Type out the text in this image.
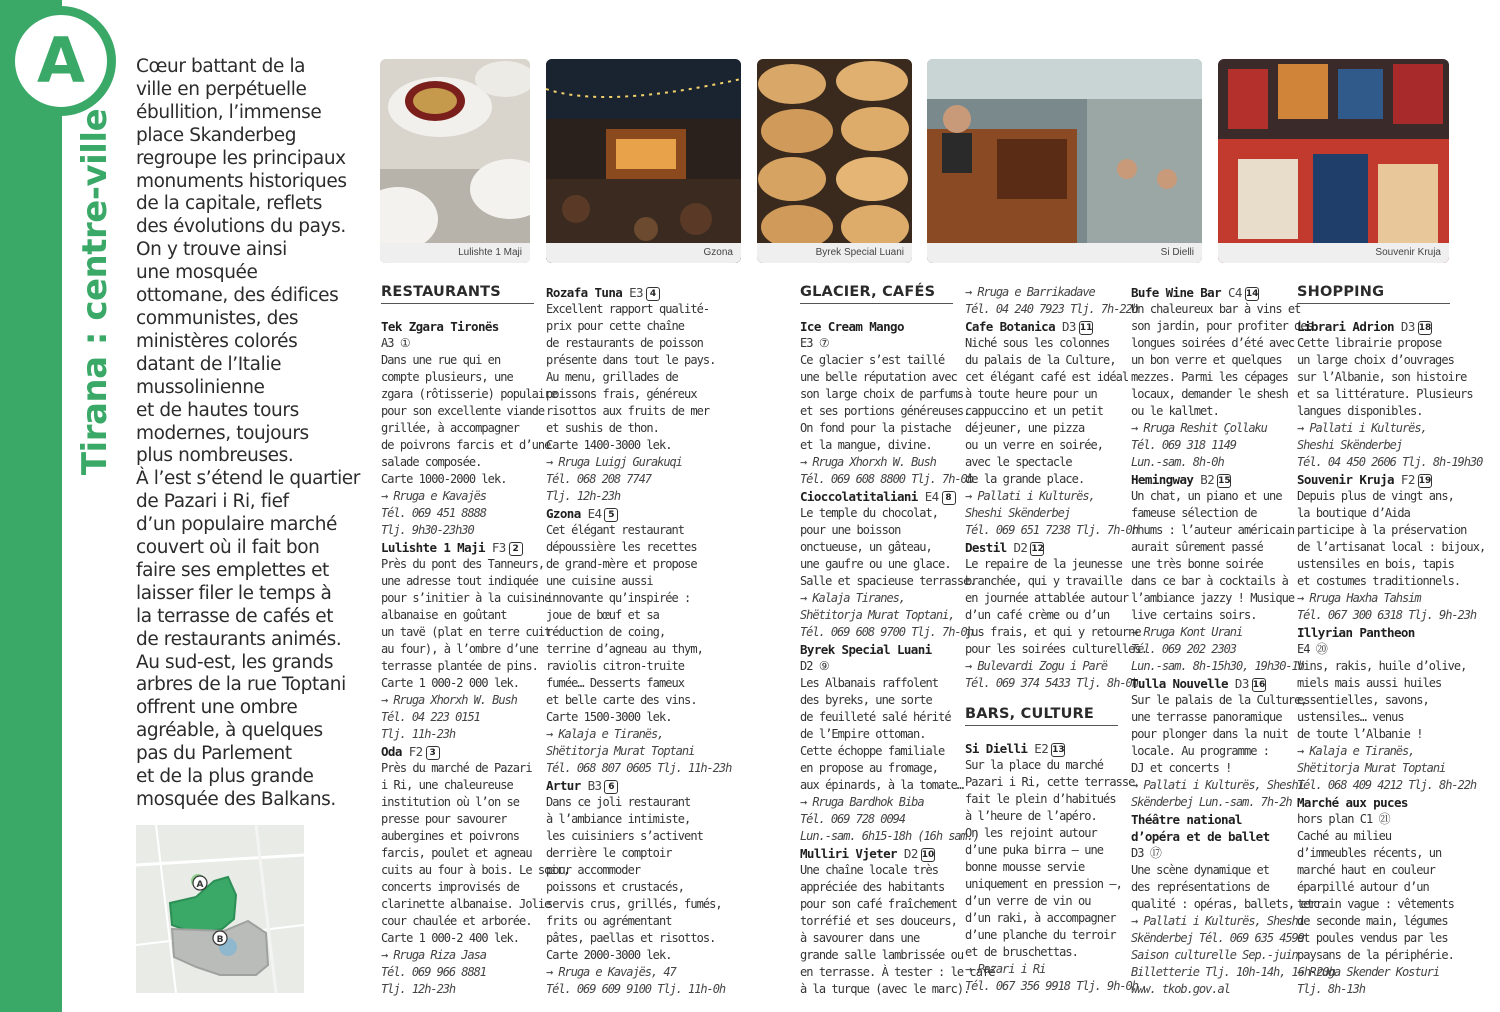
A
Tirana : centre-ville
Cœur battant de la
ville en perpétuelle
ébullition, l’immense
place Skanderbeg
regroupe les principaux
monuments historiques
de la capitale, reflets
des évolutions du pays.
On y trouve ainsi
une mosquée
ottomane, des édifices
communistes, des
ministères colorés
datant de l’Italie
mussolinienne
et de hautes tours
modernes, toujours
plus nombreuses.
À l’est s’étend le quartier
de Pazari i Ri, fief
d’un populaire marché
couvert où il fait bon
faire ses emplettes et
laisser filer le temps à
la terrasse de cafés et
de restaurants animés.
Au sud-est, les grands
arbres de la rue Toptani
offrent une ombre
agréable, à quelques
pas du Parlement
et de la plus grande
mosquée des Balkans.
A
B
Lulishte 1 Maji	Gzona	Byrek Special Luani	Si Dielli	Souvenir Kruja
RESTAURANTS
Tek Zgara Tironës
A3 ①
Dans une rue qui en
compte plusieurs, une
zgara (rôtisserie) populaire
pour son excellente viande
grillée, à accompagner
de poivrons farcis et d’une
salade composée.
Carte 1000-2000 lek.
→ Rruga e Kavajës
Tél. 069 451 8888
Tlj. 9h30-23h30
Lulishte 1 Maji F3 2
Près du pont des Tanneurs,
une adresse tout indiquée
pour s’initier à la cuisine
albanaise en goûtant
un tavë (plat en terre cuit
au four), à l’ombre d’une
terrasse plantée de pins.
Carte 1 000-2 000 lek.
→ Rruga Xhorxh W. Bush
Tél. 04 223 0151
Tlj. 11h-23h
Oda F2 3
Près du marché de Pazari
i Ri, une chaleureuse
institution où l’on se
presse pour savourer
aubergines et poivrons
farcis, poulet et agneau
cuits au four à bois. Le soir,
concerts improvisés de
clarinette albanaise. Jolie
cour chaulée et arborée.
Carte 1 000-2 400 lek.
→ Rruga Riza Jasa
Tél. 069 966 8881
Tlj. 12h-23h
Rozafa Tuna E3 4
Excellent rapport qualité-
prix pour cette chaîne
de restaurants de poisson
présente dans tout le pays.
Au menu, grillades de
poissons frais, généreux
risottos aux fruits de mer
et sushis de thon.
Carte 1400-3000 lek.
→ Rruga Luigj Gurakuqi
Tél. 068 208 7747
Tlj. 12h-23h
Gzona E4 5
Cet élégant restaurant
dépoussière les recettes
de grand-mère et propose
une cuisine aussi
innovante qu’inspirée :
joue de bœuf et sa
réduction de coing,
terrine d’agneau au thym,
raviolis citron-truite
fumée… Desserts fameux
et belle carte des vins.
Carte 1500-3000 lek.
→ Kalaja e Tiranës,
Shëtitorja Murat Toptani
Tél. 068 807 0605 Tlj. 11h-23h
Artur B3 6
Dans ce joli restaurant
à l’ambiance intimiste,
les cuisiniers s’activent
derrière le comptoir
pour accommoder
poissons et crustacés,
servis crus, grillés, fumés,
frits ou agrémentant
pâtes, paellas et risottos.
Carte 2000-3000 lek.
→ Rruga e Kavajës, 47
Tél. 069 609 9100 Tlj. 11h-0h
GLACIER, CAFÉS
Ice Cream Mango
E3 ⑦
Ce glacier s’est taillé
une belle réputation avec
son large choix de parfums
et ses portions généreuses.
On fond pour la pistache
et la mangue, divine.
→ Rruga Xhorxh W. Bush
Tél. 069 608 8800 Tlj. 7h-0h
Cioccolatitaliani E4 8
Le temple du chocolat,
pour une boisson
onctueuse, un gâteau,
une gaufre ou une glace.
Salle et spacieuse terrasse.
→ Kalaja Tiranes,
Shëtitorja Murat Toptani,
Tél. 069 608 9700 Tlj. 7h-0h
Byrek Special Luani
D2 ⑨
Les Albanais raffolent
des byreks, une sorte
de feuilleté salé hérité
de l’Empire ottoman.
Cette échoppe familiale
en propose au fromage,
aux épinards, à la tomate…
→ Rruga Bardhok Biba
Tél. 069 728 0094
Lun.-sam. 6h15-18h (16h sam.)
Mulliri Vjeter D2 10
Une chaîne locale très
appréciée des habitants
pour son café fraîchement
torréfié et ses douceurs,
à savourer dans une
grande salle lambrissée ou
en terrasse. À tester : le café
à la turque (avec le marc).
→ Rruga e Barrikadave
Tél. 04 240 7923 Tlj. 7h-22h
Cafe Botanica D3 11
Niché sous les colonnes
du palais de la Culture,
cet élégant café est idéal
à toute heure pour un
cappuccino et un petit
déjeuner, une pizza
ou un verre en soirée,
avec le spectacle
de la grande place.
→ Pallati i Kulturës,
Sheshi Skënderbej
Tél. 069 651 7238 Tlj. 7h-0h
Destil D2 12
Le repaire de la jeunesse
branchée, qui y travaille
en journée attablée autour
d’un café crème ou d’un
jus frais, et qui y retourne
pour les soirées culturelles.
→ Bulevardi Zogu i Parë
Tél. 069 374 5433 Tlj. 8h-0h
BARS, CULTURE
Si Dielli E2 13
Sur la place du marché
Pazari i Ri, cette terrasse
fait le plein d’habitués
à l’heure de l’apéro.
On les rejoint autour
d’une puka birra – une
bonne mousse servie
uniquement en pression –,
d’un verre de vin ou
d’un raki, à accompagner
d’une planche du terroir
et de bruschettas.
→ Pazari i Ri
Tél. 067 356 9918 Tlj. 9h-0h
Bufe Wine Bar C4 14
Un chaleureux bar à vins et
son jardin, pour profiter des
longues soirées d’été avec
un bon verre et quelques
mezzes. Parmi les cépages
locaux, demander le shesh
ou le kallmet.
→ Rruga Reshit Çollaku
Tél. 069 318 1149
Lun.-sam. 8h-0h
Hemingway B2 15
Un chat, un piano et une
fameuse sélection de
rhums : l’auteur américain
aurait sûrement passé
une très bonne soirée
dans ce bar à cocktails à
l’ambiance jazzy ! Musique
live certains soirs.
→ Rruga Kont Urani
Tél. 069 202 2303
Lun.-sam. 8h-15h30, 19h30-1h
Tulla Nouvelle D3 16
Sur le palais de la Culture,
une terrasse panoramique
pour plonger dans la nuit
locale. Au programme :
DJ et concerts !
→ Pallati i Kulturës, Sheshi
Skënderbej Lun.-sam. 7h-2h
Théâtre national
d’opéra et de ballet
D3 ⑰
Une scène dynamique et
des représentations de
qualité : opéras, ballets, etc.
→ Pallati i Kulturës, Sheshi
Skënderbej Tél. 069 635 4599
Saison culturelle Sep.-juin
Billetterie Tlj. 10h-14h, 16h-20h
www. tkob.gov.al
SHOPPING
Librari Adrion D3 18
Cette librairie propose
un large choix d’ouvrages
sur l’Albanie, son histoire
et sa littérature. Plusieurs
langues disponibles.
→ Pallati i Kulturës,
Sheshi Skënderbej
Tél. 04 450 2606 Tlj. 8h-19h30
Souvenir Kruja F2 19
Depuis plus de vingt ans,
la boutique d’Aida
participe à la préservation
de l’artisanat local : bijoux,
ustensiles en bois, tapis
et costumes traditionnels.
→ Rruga Haxha Tahsim
Tél. 067 300 6318 Tlj. 9h-23h
Illyrian Pantheon
E4 ⑳
Vins, rakis, huile d’olive,
miels mais aussi huiles
essentielles, savons,
ustensiles… venus
de toute l’Albanie !
→ Kalaja e Tiranës,
Shëtitorja Murat Toptani
Tél. 068 409 4212 Tlj. 8h-22h
Marché aux puces
hors plan C1 ㉑
Caché au milieu
d’immeubles récents, un
marché haut en couleur
éparpillé autour d’un
terrain vague : vêtements
de seconde main, légumes
et poules vendus par les
paysans de la périphérie.
→ Rruga Skender Kosturi
Tlj. 8h-13h
